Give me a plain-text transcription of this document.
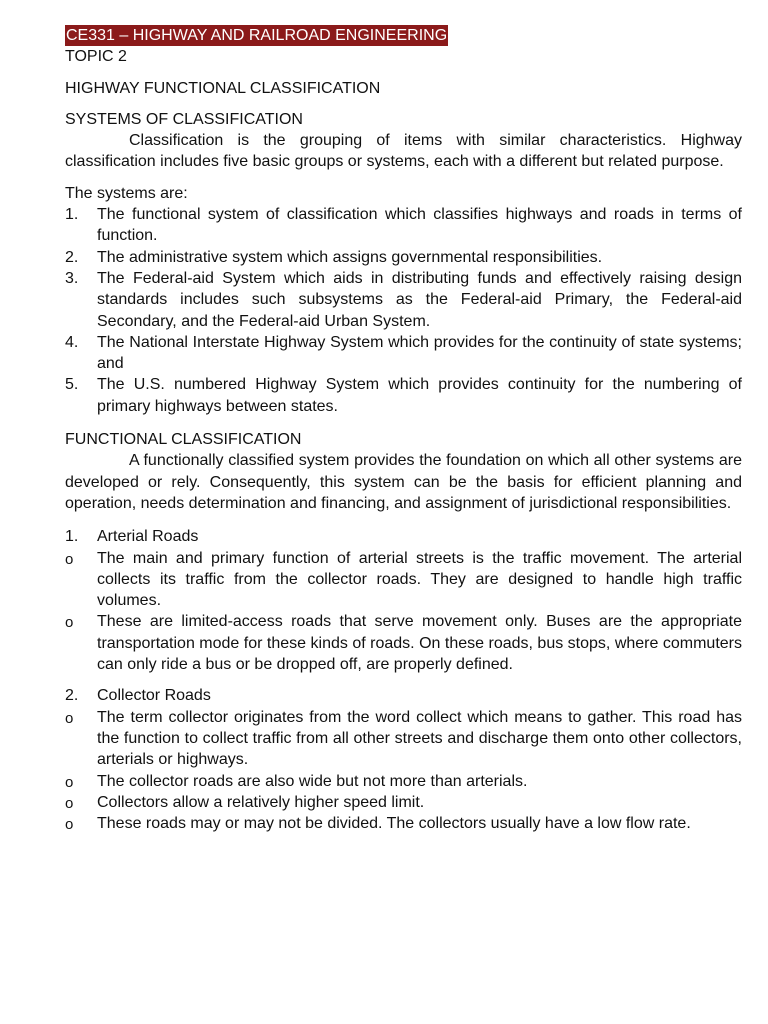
CE331 – HIGHWAY AND RAILROAD ENGINEERING

TOPIC 2

HIGHWAY FUNCTIONAL CLASSIFICATION

SYSTEMS OF CLASSIFICATION

Classification is the grouping of items with similar characteristics. Highway classification includes five basic groups or systems, each with a different but related purpose.

The systems are:

1.	The functional system of classification which classifies highways and roads in terms of function.
2.	The administrative system which assigns governmental responsibilities.
3.	The Federal-aid System which aids in distributing funds and effectively raising design standards includes such subsystems as the Federal-aid Primary, the Federal-aid Secondary, and the Federal-aid Urban System.
4.	The National Interstate Highway System which provides for the continuity of state systems; and
5.	The U.S. numbered Highway System which provides continuity for the numbering of primary highways between states.

FUNCTIONAL CLASSIFICATION

A functionally classified system provides the foundation on which all other systems are developed or rely. Consequently, this system can be the basis for efficient planning and operation, needs determination and financing, and assignment of jurisdictional responsibilities.

1.	Arterial Roads

o	The main and primary function of arterial streets is the traffic movement. The arterial collects its traffic from the collector roads. They are designed to handle high traffic volumes.
o	These are limited-access roads that serve movement only. Buses are the appropriate transportation mode for these kinds of roads. On these roads, bus stops, where commuters can only ride a bus or be dropped off, are properly defined.

2.	Collector Roads

o	The term collector originates from the word collect which means to gather. This road has the function to collect traffic from all other streets and discharge them onto other collectors, arterials or highways.
o	The collector roads are also wide but not more than arterials.
o	Collectors allow a relatively higher speed limit.
o	These roads may or may not be divided. The collectors usually have a low flow rate.
